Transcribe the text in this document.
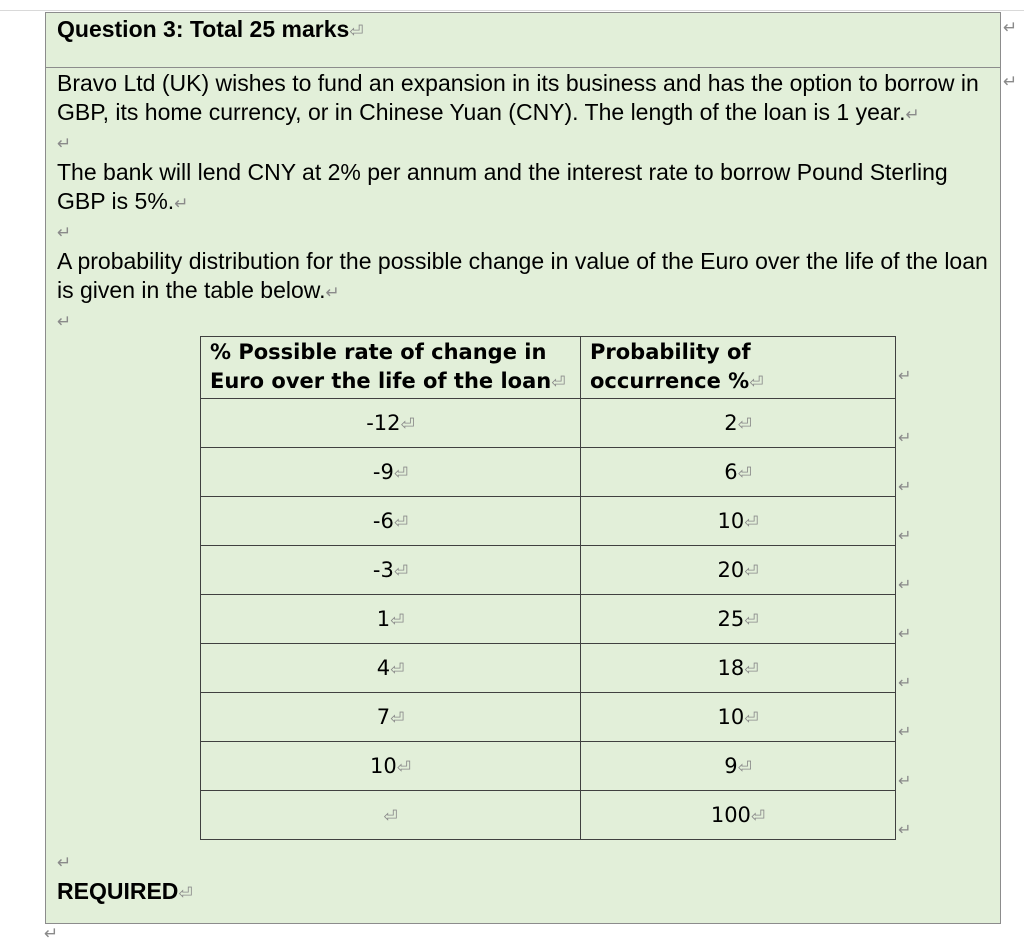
Question 3: Total 25 marks⏎

Bravo Ltd (UK) wishes to fund an expansion in its business and has the option to borrow in GBP, its home currency, or in Chinese Yuan (CNY). The length of the loan is 1 year.↵

↵

The bank will lend CNY at 2% per annum and the interest rate to borrow Pound Sterling GBP is 5%.↵

↵

A probability distribution for the possible change in value of the Euro over the life of the loan is given in the table below.↵

↵
% Possible rate of change in Euro over the life of the loan⏎	Probability of occurrence %⏎
-12⏎	2⏎
-9⏎	6⏎
-6⏎	10⏎
-3⏎	20⏎
1⏎	25⏎
4⏎	18⏎
7⏎	10⏎
10⏎	9⏎
⏎	100⏎
↵
REQUIRED⏎
↵
↵
↵
↵
↵
↵
↵
↵
↵
↵
↵
↵
↵
